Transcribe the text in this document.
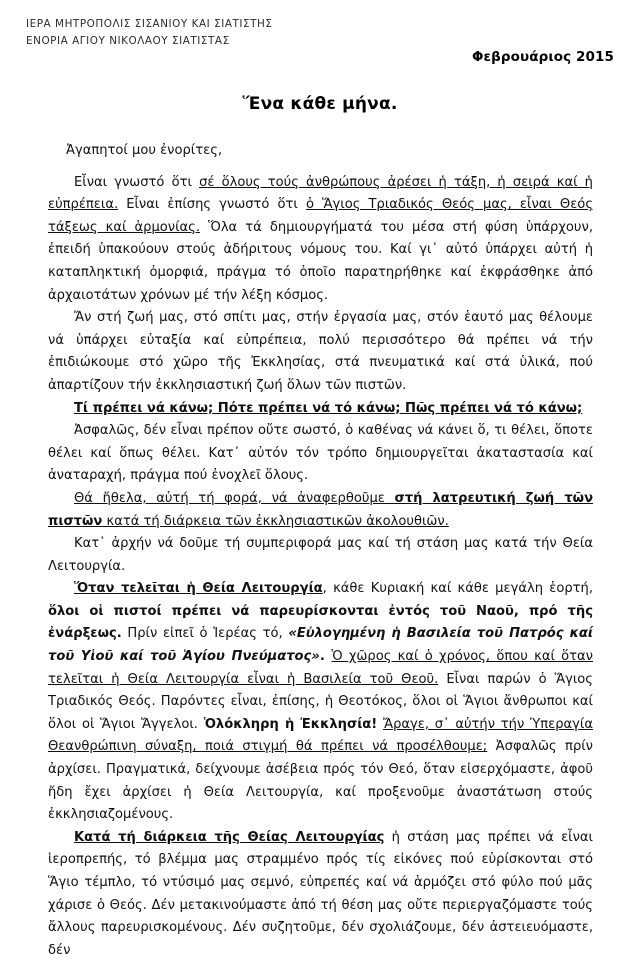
ΙΕΡΑ ΜΗΤΡΟΠΟΛΙΣ ΣΙΣΑΝΙΟΥ ΚΑΙ ΣΙΑΤΙΣΤΗΣ
ΕΝΟΡΙΑ ΑΓΙΟΥ ΝΙΚΟΛΑΟΥ ΣΙΑΤΙΣΤΑΣ
Φεβρουάριος 2015
Ἕνα κάθε μήνα.

Ἀγαπητοί μου ἐνορίτες,

Εἶναι γνωστό ὅτι σέ ὅλους τούς ἀνθρώπους ἀρέσει ἡ τάξη, ἡ σειρά καί ἡ εὐπρέπεια. Εἶναι ἐπίσης γνωστό ὅτι ὁ Ἅγιος Τριαδικός Θεός μας, εἶναι Θεός τάξεως καί ἁρμονίας. Ὅλα τά δημιουργήματά του μέσα στή φύση ὑπάρχουν, ἐπειδή ὑπακούουν στούς ἀδήριτους νόμους του. Καί γι᾽ αὐτό ὑπάρχει αὐτή ἡ καταπληκτική ὀμορφιά, πράγμα τό ὁποῖο παρατηρήθηκε καί ἐκφράσθηκε ἀπό ἀρχαιοτάτων χρόνων μέ τήν λέξη κόσμος.

Ἄν στή ζωή μας, στό σπίτι μας, στήν ἐργασία μας, στόν ἑαυτό μας θέλουμε νά ὑπάρχει εὐταξία καί εὐπρέπεια, πολύ περισσότερο θά πρέπει νά τήν ἐπιδιώκουμε στό χῶρο τῆς Ἐκκλησίας, στά πνευματικά καί στά ὑλικά, πού ἀπαρτίζουν τήν ἐκκλησιαστική ζωή ὅλων τῶν πιστῶν.

Τί πρέπει νά κάνω; Πότε πρέπει νά τό κάνω; Πῶς πρέπει νά τό κάνω;

Ἀσφαλῶς, δέν εἶναι πρέπον οὔτε σωστό, ὁ καθένας νά κάνει ὅ, τι θέλει, ὅποτε θέλει καί ὅπως θέλει. Κατ᾽ αὐτόν τόν τρόπο δημιουργεῖται ἀκαταστασία καί ἀναταραχή, πράγμα πού ἐνοχλεῖ ὅλους.

Θά ἤθελα, αὐτή τή φορά, νά ἀναφερθοῦμε στή λατρευτική ζωή τῶν πιστῶν κατά τή διάρκεια τῶν ἐκκλησιαστικῶν ἀκολουθιῶν.

Κατ᾽ ἀρχήν νά δοῦμε τή συμπεριφορά μας καί τή στάση μας κατά τήν Θεία Λειτουργία.

Ὅταν τελεῖται ἡ Θεία Λειτουργία, κάθε Κυριακή καί κάθε μεγάλη ἑορτή, ὅλοι οἱ πιστοί πρέπει νά παρευρίσκονται ἐντός τοῦ Ναοῦ, πρό τῆς ἐνάρξεως. Πρίν εἰπεῖ ὁ Ἱερέας τό, «Εὐλογημένη ἡ Βασιλεία τοῦ Πατρός καί τοῦ Υἱοῦ καί τοῦ Ἁγίου Πνεύματος». Ὁ χῶρος καί ὁ χρόνος, ὅπου καί ὅταν τελεῖται ἡ Θεία Λειτουργία εἶναι ἡ Βασιλεία τοῦ Θεοῦ. Εἶναι παρών ὁ Ἅγιος Τριαδικός Θεός. Παρόντες εἶναι, ἐπίσης, ἡ Θεοτόκος, ὅλοι οἱ Ἅγιοι ἄνθρωποι καί ὅλοι οἱ Ἅγιοι Ἄγγελοι. Ὁλόκληρη ἡ Ἐκκλησία! Ἄραγε, σ᾽ αὐτήν τήν Ὑπεραγία Θεανθρώπινη σύναξη, ποιά στιγμή θά πρέπει νά προσέλθουμε; Ἀσφαλῶς πρίν ἀρχίσει. Πραγματικά, δείχνουμε ἀσέβεια πρός τόν Θεό, ὅταν εἰσερχόμαστε, ἀφοῦ ἤδη ἔχει ἀρχίσει ἡ Θεία Λειτουργία, καί προξενοῦμε ἀναστάτωση στούς ἐκκλησιαζομένους.

Κατά τή διάρκεια τῆς Θείας Λειτουργίας ἡ στάση μας πρέπει νά εἶναι ἱεροπρεπής, τό βλέμμα μας στραμμένο πρός τίς εἰκόνες πού εὑρίσκονται στό Ἅγιο τέμπλο, τό ντύσιμό μας σεμνό, εὐπρεπές καί νά ἁρμόζει στό φύλο πού μᾶς χάρισε ὁ Θεός. Δέν μετακινούμαστε ἀπό τή θέση μας οὔτε περιεργαζόμαστε τούς ἄλλους παρευρισκομένους. Δέν συζητοῦμε, δέν σχολιάζουμε, δέν ἀστειευόμαστε, δέν
